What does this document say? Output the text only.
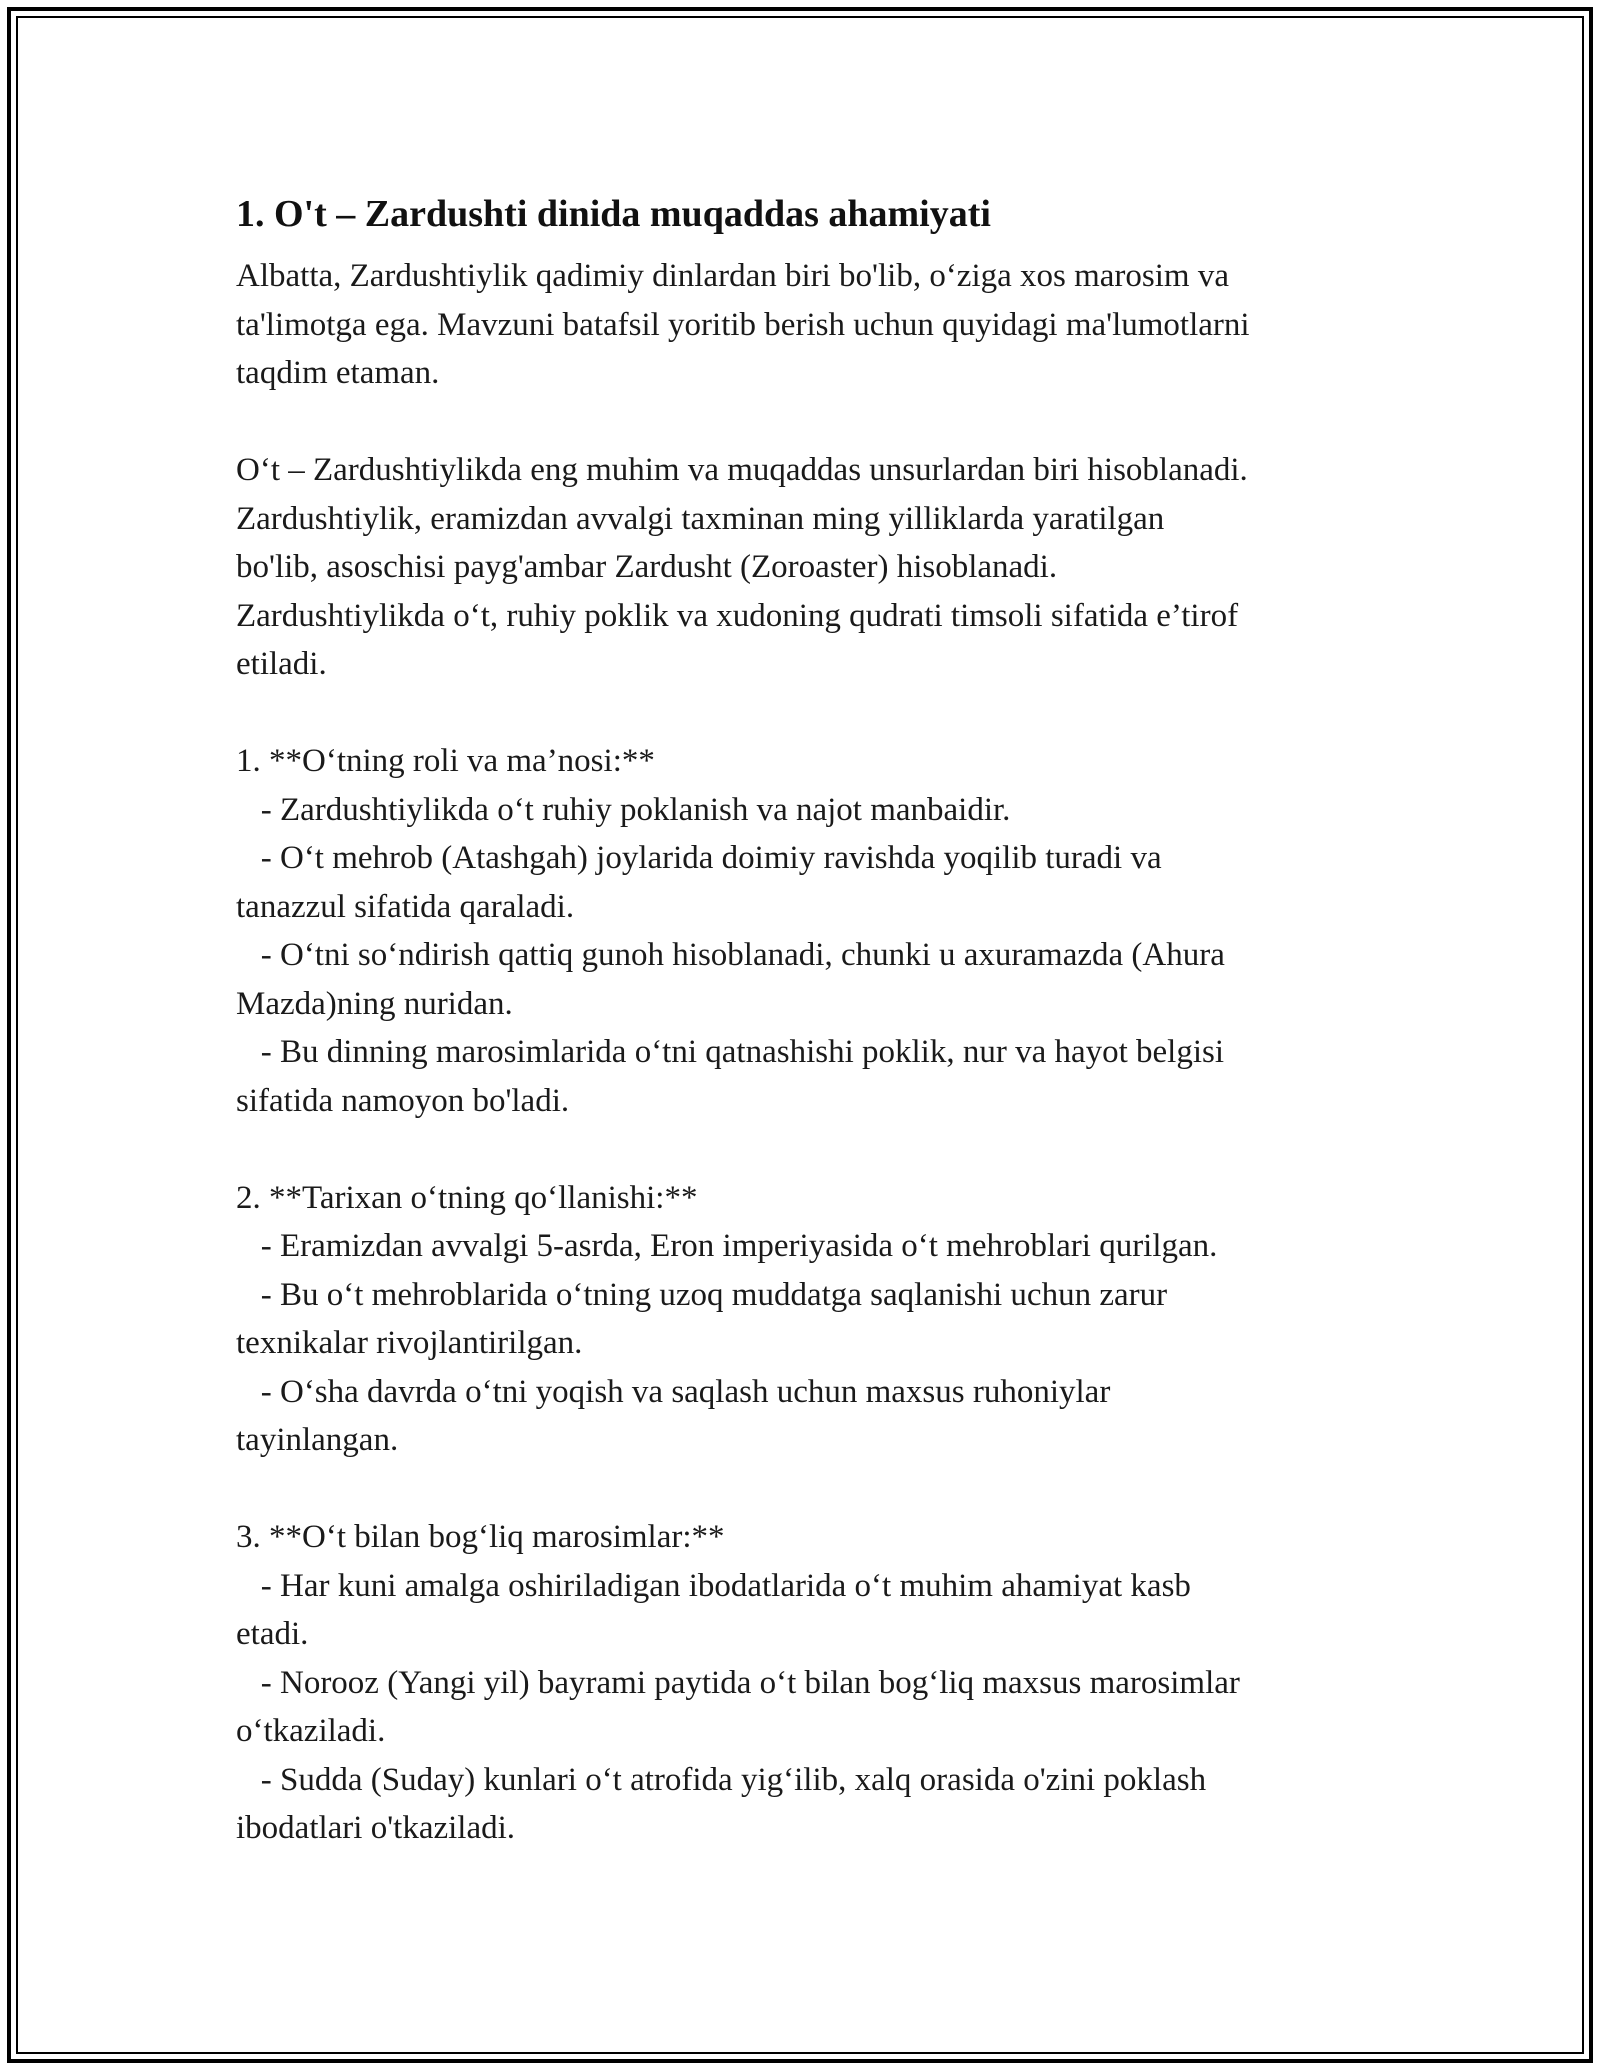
1. O't – Zardushti dinida muqaddas ahamiyati

Albatta, Zardushtiylik qadimiy dinlardan biri bo'lib, o‘ziga xos marosim va
ta'limotga ega. Mavzuni batafsil yoritib berish uchun quyidagi ma'lumotlarni
taqdim etaman.

O‘t – Zardushtiylikda eng muhim va muqaddas unsurlardan biri hisoblanadi.
Zardushtiylik, eramizdan avvalgi taxminan ming yilliklarda yaratilgan
bo'lib, asoschisi payg'ambar Zardusht (Zoroaster) hisoblanadi.
Zardushtiylikda o‘t, ruhiy poklik va xudoning qudrati timsoli sifatida e’tirof
etiladi.

1. **O‘tning roli va ma’nosi:**
- Zardushtiylikda o‘t ruhiy poklanish va najot manbaidir.
- O‘t mehrob (Atashgah) joylarida doimiy ravishda yoqilib turadi va
tanazzul sifatida qaraladi.
- O‘tni so‘ndirish qattiq gunoh hisoblanadi, chunki u axuramazda (Ahura
Mazda)ning nuridan.
- Bu dinning marosimlarida o‘tni qatnashishi poklik, nur va hayot belgisi
sifatida namoyon bo'ladi.

2. **Tarixan o‘tning qo‘llanishi:**
- Eramizdan avvalgi 5-asrda, Eron imperiyasida o‘t mehroblari qurilgan.
- Bu o‘t mehroblarida o‘tning uzoq muddatga saqlanishi uchun zarur
texnikalar rivojlantirilgan.
- O‘sha davrda o‘tni yoqish va saqlash uchun maxsus ruhoniylar
tayinlangan.

3. **O‘t bilan bog‘liq marosimlar:**
- Har kuni amalga oshiriladigan ibodatlarida o‘t muhim ahamiyat kasb
etadi.
- Norooz (Yangi yil) bayrami paytida o‘t bilan bog‘liq maxsus marosimlar
o‘tkaziladi.
- Sudda (Suday) kunlari o‘t atrofida yig‘ilib, xalq orasida o'zini poklash
ibodatlari o'tkaziladi.
